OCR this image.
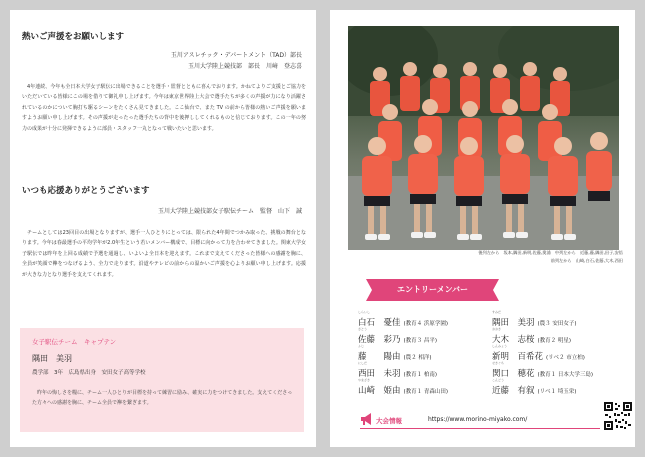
熱いご声援をお願いします
玉川アスレチック・デパートメント（TAD）部長
玉川大学陸上競技部　部長　川﨑　登志喜
4年連続、今年も全日本大学女子駅伝に出場できることを選手・監督とともに喜んでおります。かねてよりご支援とご協力をいただいている皆様にこの場を借りて御礼申し上げます。今年は東京世界陸上大会で選手たちが多くの声援が力になり活躍されているのかについて胸打ち駆るシーンをたくさん見てきました。ここ仙台で、また TV の前から皆様の熱いご声援を願いますようお願い申し上げます。その声援が走ったった選手たちの背中を後押ししてくれるものと信じております。この一年の努力の成果が十分に発揮できるように部員・スタッフ一丸となって戦いたいと思います。
いつも応援ありがとうございます
玉川大学陸上競技部女子駅伝チーム　監督　山下　誠
チームとしては23回目の出場となりますが、選手一人ひとりにとっては、限られた4年間でつかみ取った、挑戦の舞台となります。今年は春最選手の平均学年が2.0年生という若いメンバー構成で、目標に向かって力を合わせてきました。関東大学女子駅伝では昨年を上回る成績で予選を通過し、いよいよ全日本を迎えます。これまで支えてくださった皆様への感謝を胸に、全員が笑顔で襷をつなげるよう、全力で走ります。沿道やテレビの前からの温かいご声援を心よりお願い申し上げます。応援が大きな力となり選手を支えてくれます。
女子駅伝チーム　キャプテン
隅田　美羽
農学部　3年　広島県出身　安田女子高等学校
昨年の悔しさを糧に、チーム一人ひとりが目標を持って練習に励み、確実に力をつけてきました。支えてくださった方々への感謝を胸に、チーム全員で襷を繋ぎます。
後列左から　坂本,隅田,新明,佐藤,奥浦　中列左から　近藤,藤,隅田,田子,安倍
前列左から　山崎,白石,佐藤,大木,西田
エントリーメンバー
しらいし
白石　憂佳 (教育４ 浜原学園)
すみだ
隅田　美羽 (農３ 安田女子)
さとう
佐藤　彩乃 (教育３ 昌平)
おおき
大木　志桜 (教育２ 明星)
ふじ
藤　　陽由 (農２ 相洋)
しんみょう
新明　百希花 (リベ２ 市立柏)
にしだ
西田　未羽 (教育１ 柏南)
せきぐち
関口　穂花 (教育１ 日本大学三島)
やまざき
山崎　姫由 (教育１ 青森山田)
こんどう
近藤　有叙 (リベ１ 埼玉栄)
大会情報	https://www.morino-miyako.com/
